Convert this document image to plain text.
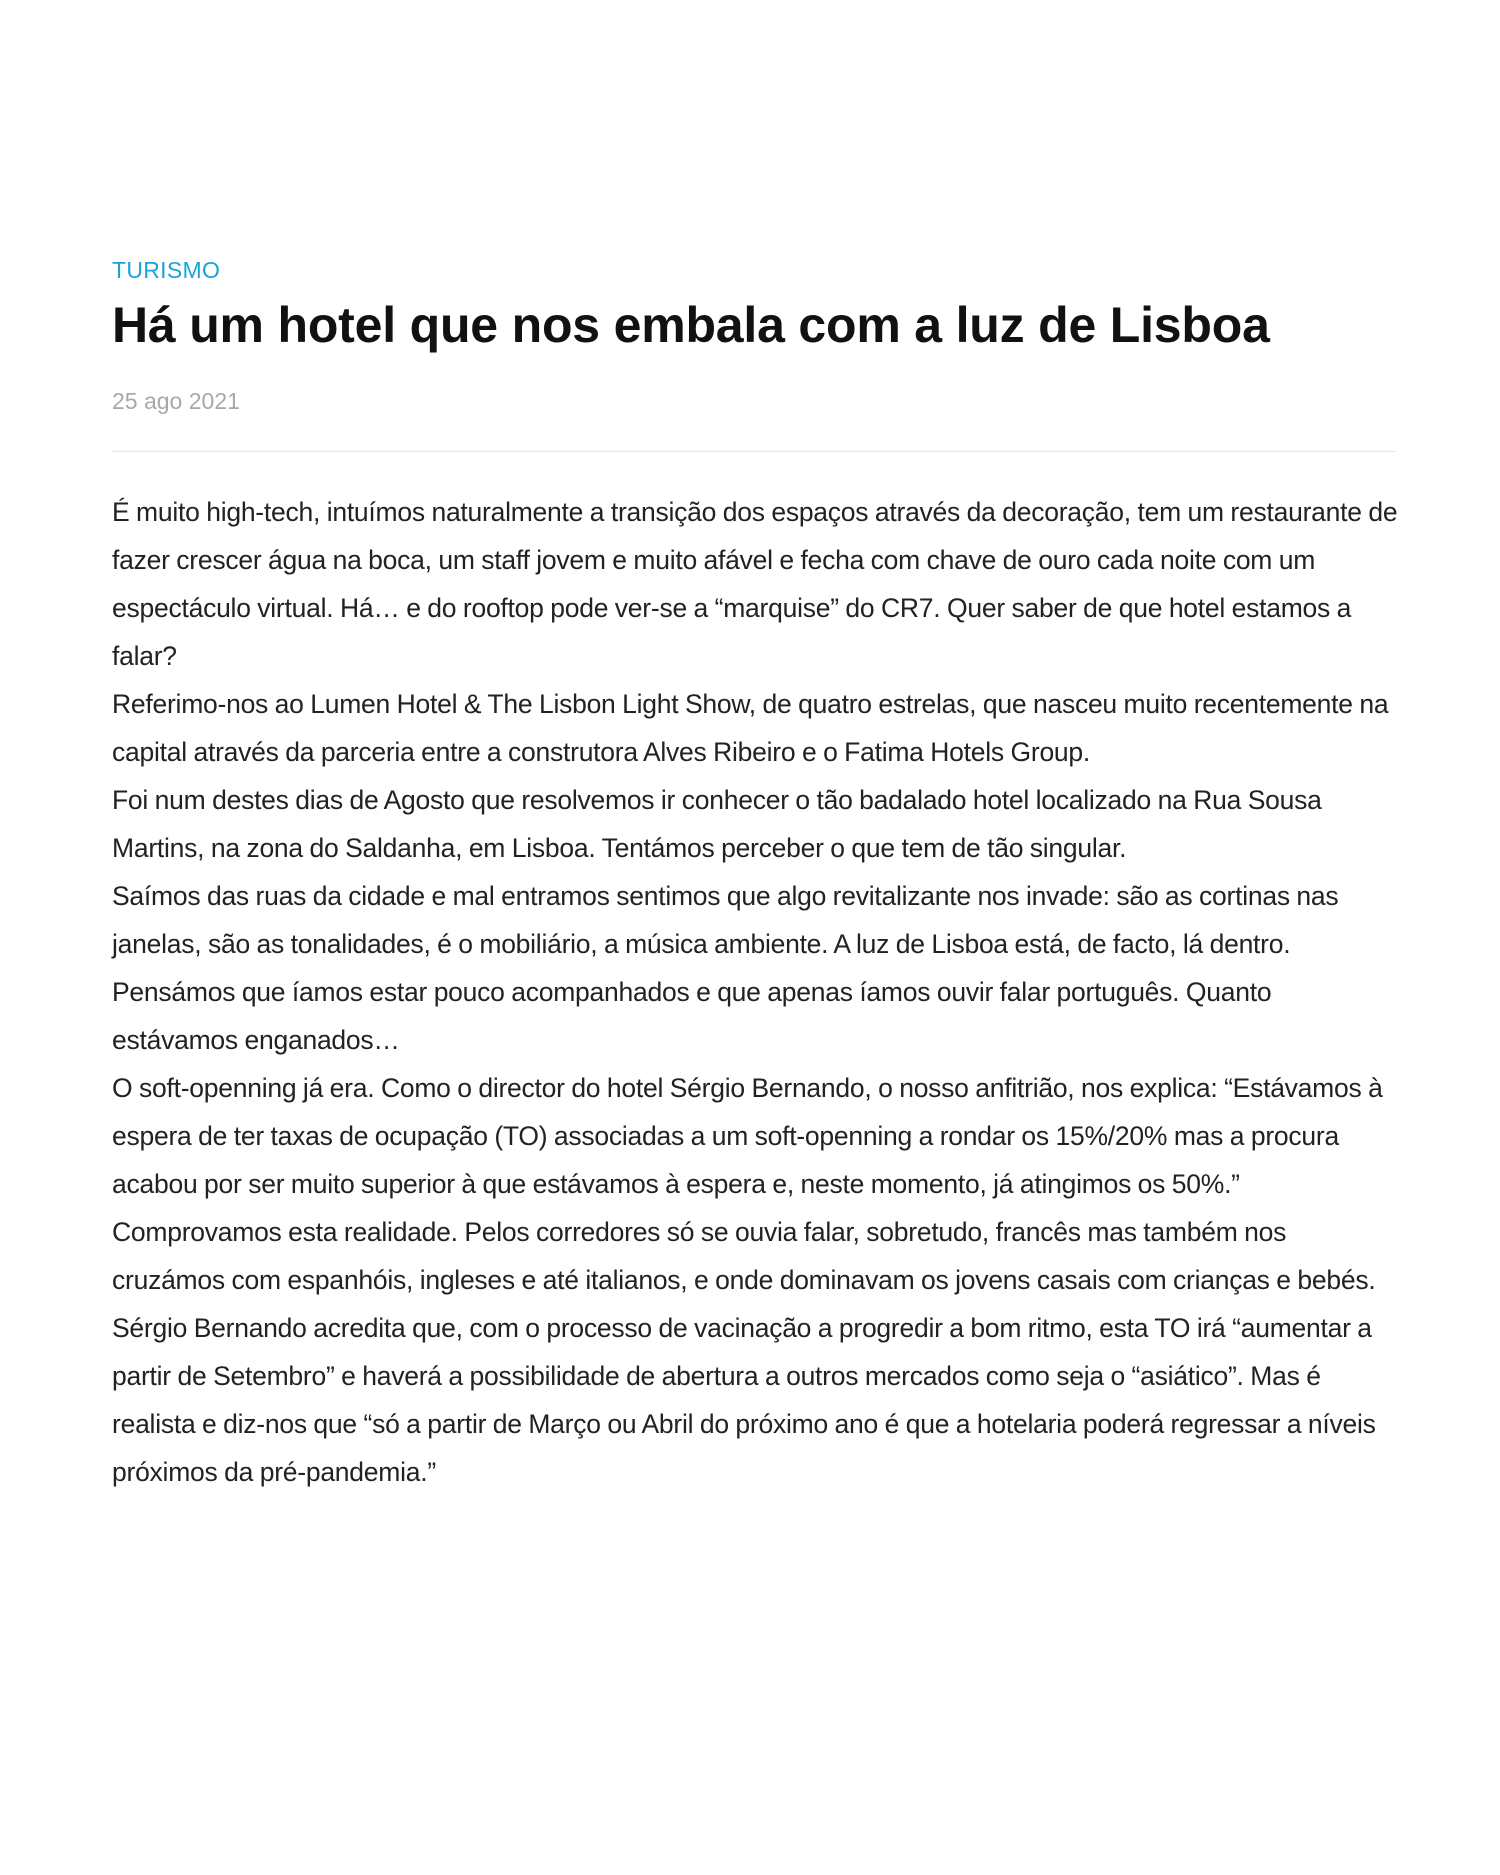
TURISMO
Há um hotel que nos embala com a luz de Lisboa
25 ago 2021

É muito high-tech, intuímos naturalmente a transição dos espaços através da decoração, tem um restaurante de fazer crescer água na boca, um staff jovem e muito afável e fecha com chave de ouro cada noite com um espectáculo virtual. Há… e do rooftop pode ver-se a “marquise” do CR7. Quer saber de que hotel estamos a falar?

Referimo-nos ao Lumen Hotel & The Lisbon Light Show, de quatro estrelas, que nasceu muito recentemente na capital através da parceria entre a construtora Alves Ribeiro e o Fatima Hotels Group.

Foi num destes dias de Agosto que resolvemos ir conhecer o tão badalado hotel localizado na Rua Sousa Martins, na zona do Saldanha, em Lisboa. Tentámos perceber o que tem de tão singular.

Saímos das ruas da cidade e mal entramos sentimos que algo revitalizante nos invade: são as cortinas nas janelas, são as tonalidades, é o mobiliário, a música ambiente. A luz de Lisboa está, de facto, lá dentro.

Pensámos que íamos estar pouco acompanhados e que apenas íamos ouvir falar português. Quanto estávamos enganados…

O soft-openning já era. Como o director do hotel Sérgio Bernando, o nosso anfitrião, nos explica: “Estávamos à espera de ter taxas de ocupação (TO) associadas a um soft-openning a rondar os 15%/20% mas a procura acabou por ser muito superior à que estávamos à espera e, neste momento, já atingimos os 50%.”

Comprovamos esta realidade. Pelos corredores só se ouvia falar, sobretudo, francês mas também nos cruzámos com espanhóis, ingleses e até italianos, e onde dominavam os jovens casais com crianças e bebés.

Sérgio Bernando acredita que, com o processo de vacinação a progredir a bom ritmo, esta TO irá “aumentar a partir de Setembro” e haverá a possibilidade de abertura a outros mercados como seja o “asiático”. Mas é realista e diz-nos que “só a partir de Março ou Abril do próximo ano é que a hotelaria poderá regressar a níveis próximos da pré-pandemia.”
